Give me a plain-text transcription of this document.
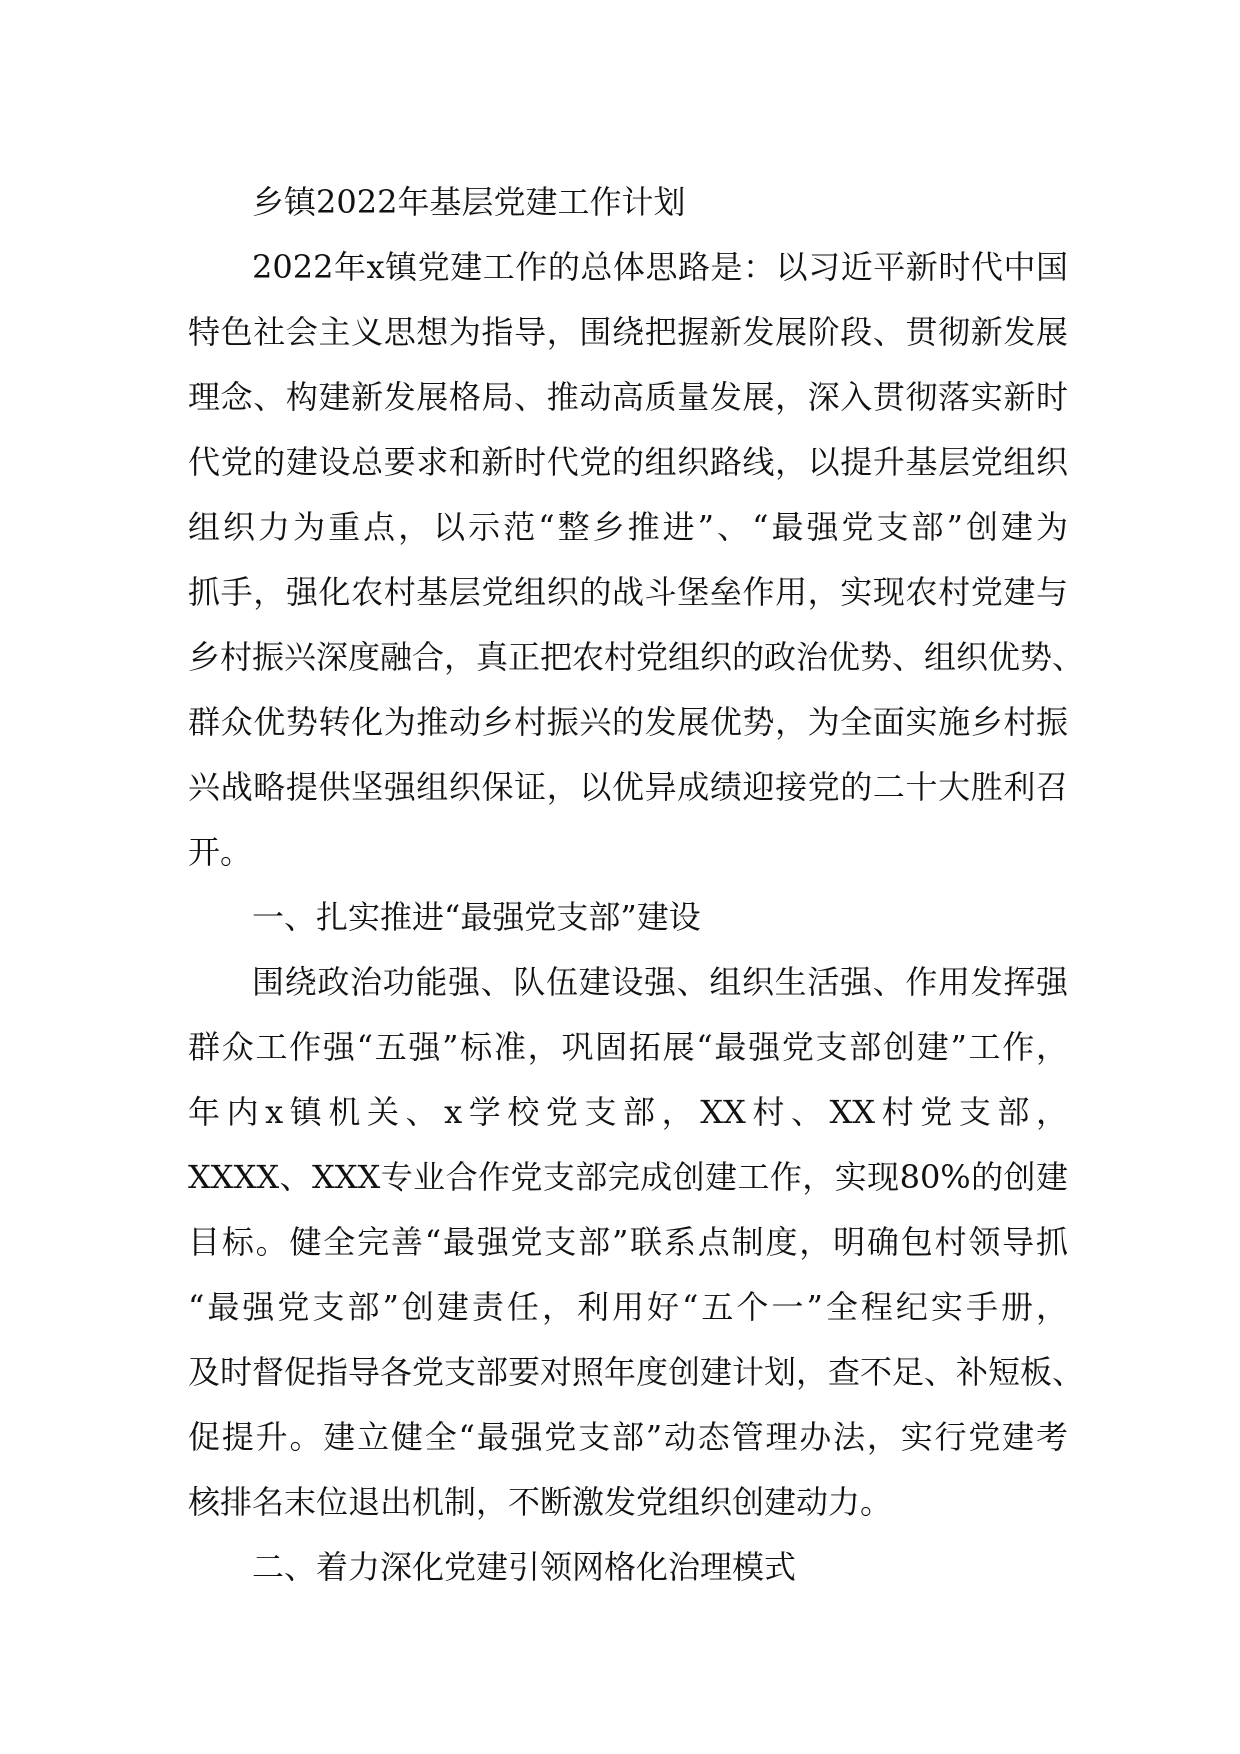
乡镇2022年基层党建工作计划
2022年x镇党建工作的总体思路是：以习近平新时代中国
特色社会主义思想为指导，围绕把握新发展阶段、贯彻新发展
理念、构建新发展格局、推动高质量发展，深入贯彻落实新时
代党的建设总要求和新时代党的组织路线，以提升基层党组织
组织力为重点，以示范“整乡推进”、“最强党支部”创建为
抓手，强化农村基层党组织的战斗堡垒作用，实现农村党建与
乡村振兴深度融合，真正把农村党组织的政治优势、组织优势、
群众优势转化为推动乡村振兴的发展优势，为全面实施乡村振
兴战略提供坚强组织保证，以优异成绩迎接党的二十大胜利召
开。
一、扎实推进“最强党支部”建设
围绕政治功能强、队伍建设强、组织生活强、作用发挥强
群众工作强“五强”标准，巩固拓展“最强党支部创建”工作，
年内x镇机关、x学校党支部，XX村、XX村党支部，
XXXX、XXX专业合作党支部完成创建工作，实现80%的创建
目标。健全完善“最强党支部”联系点制度，明确包村领导抓
“最强党支部”创建责任，利用好“五个一”全程纪实手册，
及时督促指导各党支部要对照年度创建计划，查不足、补短板、
促提升。建立健全“最强党支部”动态管理办法，实行党建考
核排名末位退出机制，不断激发党组织创建动力。
二、着力深化党建引领网格化治理模式
